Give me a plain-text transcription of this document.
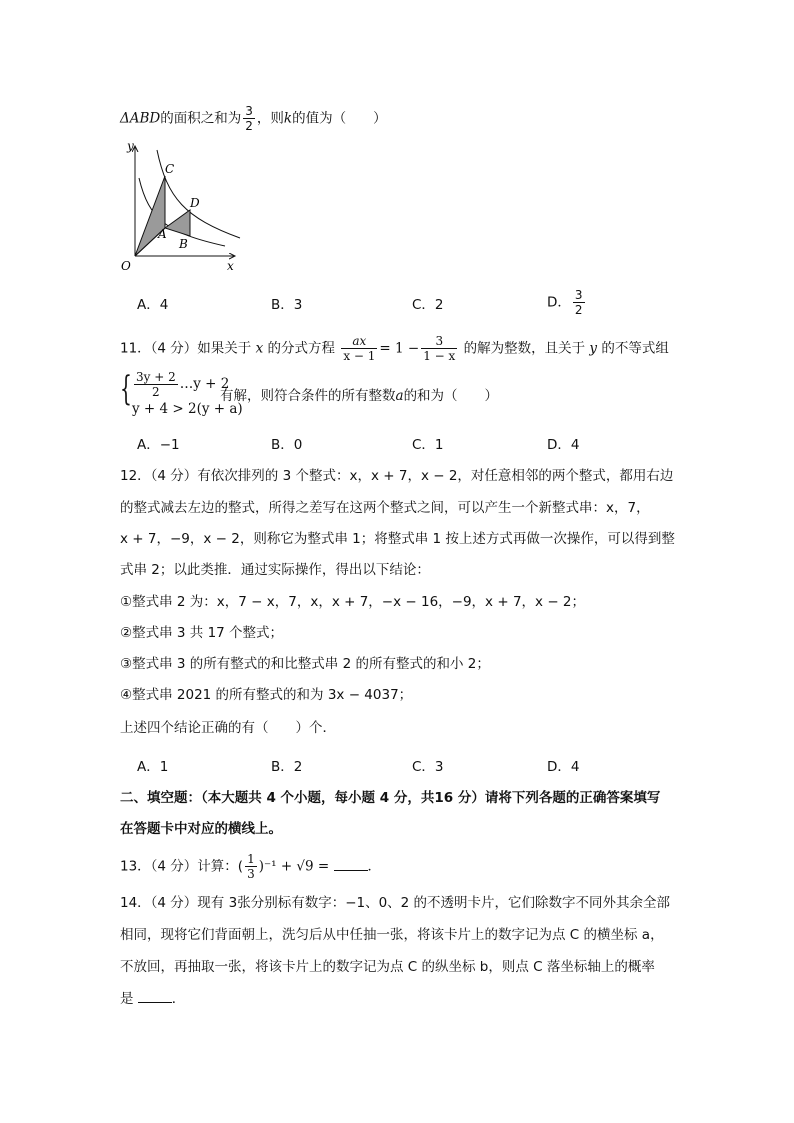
ΔABD的面积之和为 $\frac{3}{2}$ ，则k的值为（　　）
y
x
O
C
D
A
B
A．4	B．3	C．2	D． $\frac{3}{2}$
11．（4 分）如果关于 x 的分式方程 $\frac{ax}{x - 1} = 1 - \frac{3}{1 - x}$ 的解为整数，且关于 y 的不等式组
{ $\frac{3y + 2}{2}$ …y + 2
y + 4 > 2(y + a)
有解，则符合条件的所有整数a的和为（　　）
A．−1	B．0	C．1	D．4
12．（4 分）有依次排列的 3 个整式：x，x + 7，x − 2，对任意相邻的两个整式，都用右边
的整式减去左边的整式，所得之差写在这两个整式之间，可以产生一个新整式串：x，7，
x + 7，−9，x − 2，则称它为整式串 1；将整式串 1 按上述方式再做一次操作，可以得到整
式串 2；以此类推．通过实际操作，得出以下结论：
①整式串 2 为：x，7 − x，7，x，x + 7，−x − 16，−9，x + 7，x − 2；
②整式串 3 共 17 个整式；
③整式串 3 的所有整式的和比整式串 2 的所有整式的和小 2；
④整式串 2021 的所有整式的和为 3x − 4037；
上述四个结论正确的有（　　）个．
A．1	B．2	C．3	D．4
二、填空题：（本大题共 4 个小题，每小题 4 分，共16 分）请将下列各题的正确答案填写
在答题卡中对应的横线上。
13．（4 分）计算：( $\frac{1}{3} )^{-1} + √9$ =	．
14．（4 分）现有 3张分别标有数字：−1、0、2 的不透明卡片，它们除数字不同外其余全部
相同，现将它们背面朝上，洗匀后从中任抽一张，将该卡片上的数字记为点 C 的横坐标 a，
不放回，再抽取一张，将该卡片上的数字记为点 C 的纵坐标 b，则点 C 落坐标轴上的概率
是	．
